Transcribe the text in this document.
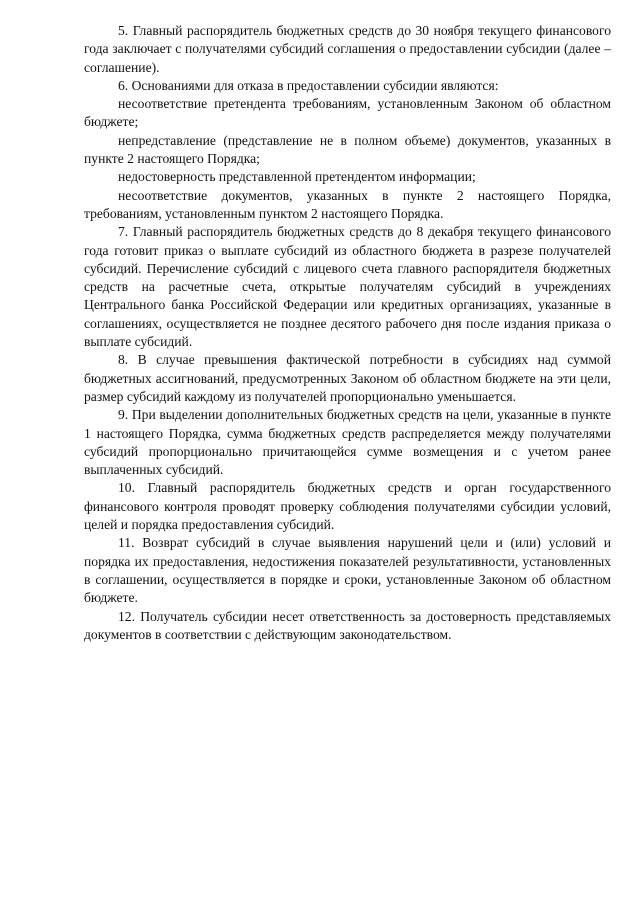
5. Главный распорядитель бюджетных средств до 30 ноября текущего финансового года заключает с получателями субсидий соглашения о предоставлении субсидии (далее – соглашение).

6. Основаниями для отказа в предоставлении субсидии являются:

несоответствие претендента требованиям, установленным Законом об областном бюджете;

непредставление (представление не в полном объеме) документов, указанных в пункте 2 настоящего Порядка;

недостоверность представленной претендентом информации;

несоответствие документов, указанных в пункте 2 настоящего Порядка, требованиям, установленным пунктом 2 настоящего Порядка.

7. Главный распорядитель бюджетных средств до 8 декабря текущего финансового года готовит приказ о выплате субсидий из областного бюджета в разрезе получателей субсидий. Перечисление субсидий с лицевого счета главного распорядителя бюджетных средств на расчетные счета, открытые получателям субсидий в учреждениях Центрального банка Российской Федерации или кредитных организациях, указанные в соглашениях, осуществляется не позднее десятого рабочего дня после издания приказа о выплате субсидий.

8. В случае превышения фактической потребности в субсидиях над суммой бюджетных ассигнований, предусмотренных Законом об областном бюджете на эти цели, размер субсидий каждому из получателей пропорционально уменьшается.

9. При выделении дополнительных бюджетных средств на цели, указанные в пункте 1 настоящего Порядка, сумма бюджетных средств распределяется между получателями субсидий пропорционально причитающейся сумме возмещения и с учетом ранее выплаченных субсидий.

10. Главный распорядитель бюджетных средств и орган государственного финансового контроля проводят проверку соблюдения получателями субсидии условий, целей и порядка предоставления субсидий.

11. Возврат субсидий в случае выявления нарушений цели и (или) условий и порядка их предоставления, недостижения показателей результативности, установленных в соглашении, осуществляется в порядке и сроки, установленные Законом об областном бюджете.

12. Получатель субсидии несет ответственность за достоверность представляемых документов в соответствии с действующим законодательством.
